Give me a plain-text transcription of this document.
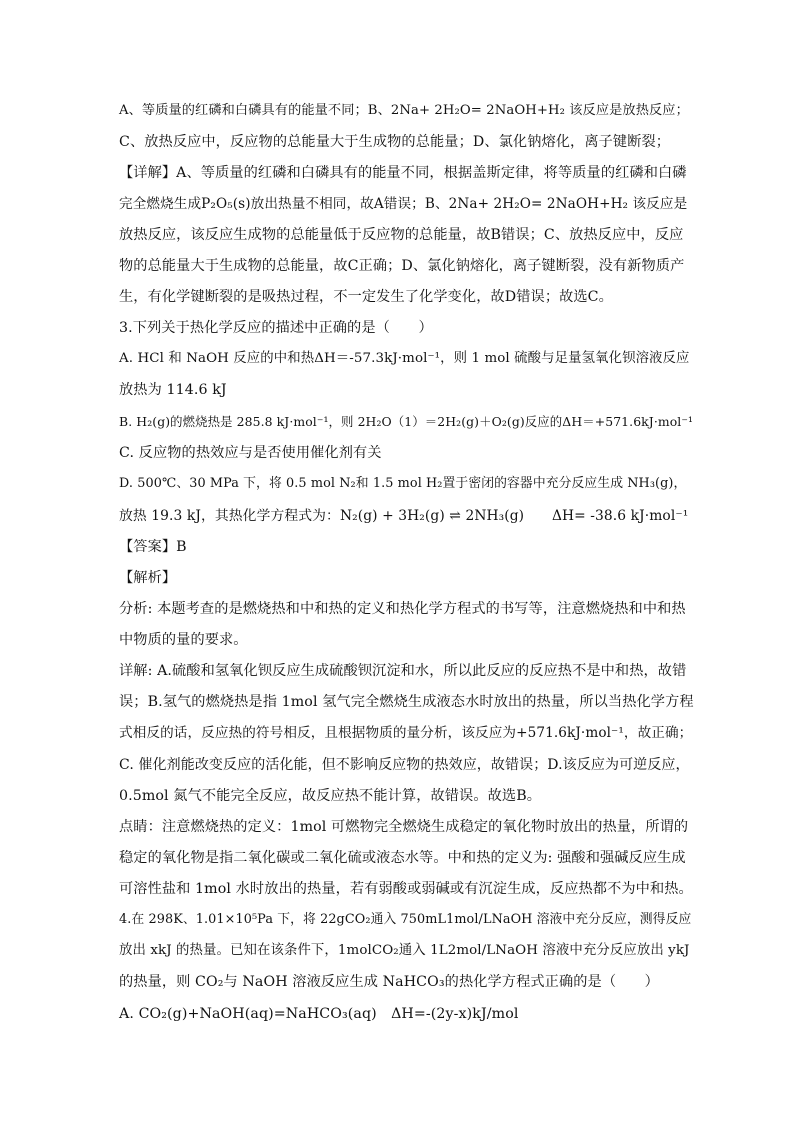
A、等质量的红磷和白磷具有的能量不同；B、2Na+ 2H₂O= 2NaOH+H₂ 该反应是放热反应；
C、放热反应中，反应物的总能量大于生成物的总能量；D、氯化钠熔化，离子键断裂；
【详解】A、等质量的红磷和白磷具有的能量不同，根据盖斯定律，将等质量的红磷和白磷
完全燃烧生成P₂O₅(s)放出热量不相同，故A错误；B、2Na+ 2H₂O= 2NaOH+H₂ 该反应是
放热反应，该反应生成物的总能量低于反应物的总能量，故B错误；C、放热反应中，反应
物的总能量大于生成物的总能量，故C正确；D、氯化钠熔化，离子键断裂，没有新物质产
生，有化学键断裂的是吸热过程，不一定发生了化学变化，故D错误；故选C。
3.下列关于热化学反应的描述中正确的是（　　）
A. HCl 和 NaOH 反应的中和热ΔH＝-57.3kJ·mol⁻¹，则 1 mol 硫酸与足量氢氧化钡溶液反应
放热为 114.6 kJ
B. H₂(g)的燃烧热是 285.8 kJ·mol⁻¹，则 2H₂O（1）＝2H₂(g)＋O₂(g)反应的ΔH＝+571.6kJ·mol⁻¹
C. 反应物的热效应与是否使用催化剂有关
D. 500℃、30 MPa 下，将 0.5 mol N₂和 1.5 mol H₂置于密闭的容器中充分反应生成 NH₃(g)，
放热 19.3 kJ，其热化学方程式为：N₂(g) + 3H₂(g) ⇌ 2NH₃(g)　　ΔH= -38.6 kJ·mol⁻¹
【答案】B
【解析】
分析: 本题考查的是燃烧热和中和热的定义和热化学方程式的书写等，注意燃烧热和中和热
中物质的量的要求。
详解: A.硫酸和氢氧化钡反应生成硫酸钡沉淀和水，所以此反应的反应热不是中和热，故错
误；B.氢气的燃烧热是指 1mol 氢气完全燃烧生成液态水时放出的热量，所以当热化学方程
式相反的话，反应热的符号相反，且根据物质的量分析，该反应为+571.6kJ·mol⁻¹，故正确；
C. 催化剂能改变反应的活化能，但不影响反应物的热效应，故错误；D.该反应为可逆反应，
0.5mol 氮气不能完全反应，故反应热不能计算，故错误。故选B。
点睛：注意燃烧热的定义：1mol 可燃物完全燃烧生成稳定的氧化物时放出的热量，所谓的
稳定的氧化物是指二氧化碳或二氧化硫或液态水等。中和热的定义为: 强酸和强碱反应生成
可溶性盐和 1mol 水时放出的热量，若有弱酸或弱碱或有沉淀生成，反应热都不为中和热。
4.在 298K、1.01×10⁵Pa 下，将 22gCO₂通入 750mL1mol/LNaOH 溶液中充分反应，测得反应
放出 xkJ 的热量。已知在该条件下，1molCO₂通入 1L2mol/LNaOH 溶液中充分反应放出 ykJ
的热量，则 CO₂与 NaOH 溶液反应生成 NaHCO₃的热化学方程式正确的是（　　）
A. CO₂(g)+NaOH(aq)=NaHCO₃(aq)　ΔH=-(2y-x)kJ/mol
